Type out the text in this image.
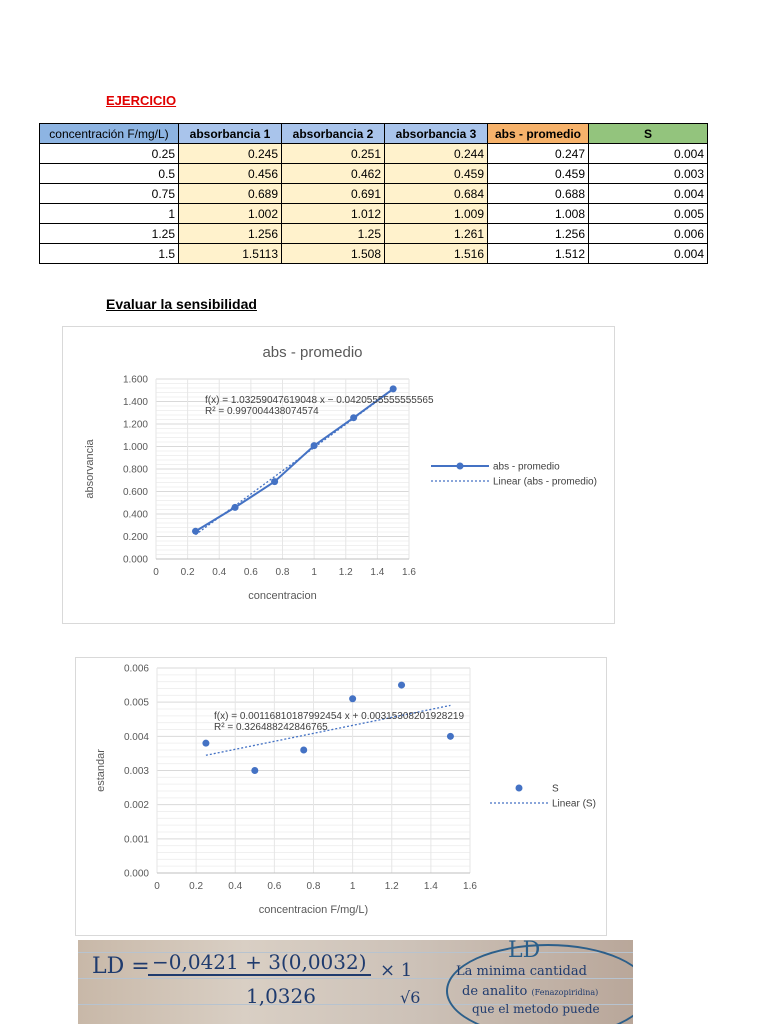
EJERCICIO
concentración F/mg/L)	absorbancia 1	absorbancia 2	absorbancia 3	abs - promedio	S
0.25	0.245	0.251	0.244	0.247	0.004
0.5	0.456	0.462	0.459	0.459	0.003
0.75	0.689	0.691	0.684	0.688	0.004
1	1.002	1.012	1.009	1.008	0.005
1.25	1.256	1.25	1.261	1.256	0.006
1.5	1.5113	1.508	1.516	1.512	0.004
Evaluar la sensibilidad
0 0.2 0.4 0.6 0.8 1 1.2 1.4 1.6
0.000
0.200
0.400
0.600
0.800
1.000
1.200
1.400
1.600
concentracion
absorvancia
abs - promedio
f(x) = 1.03259047619048 x − 0.0420555555555565
R² = 0.997004438074574
abs - promedio
Linear (abs - promedio)
0	0.2	0.4	0.6	0.8	1	1.2	1.4	1.6
0.000
0.001
0.002
0.003
0.004
0.005
0.006
concentracion F/mg/L)
estandar
f(x) = 0.00116810187992454 x + 0.00315308201928219
R² = 0.326488242846765
S
Linear (S)
LD = −0,0421 + 3(0,0032)
1,0326
× 1
√6
LD
La minima cantidad
de analito (Fenazopiridina)
que el metodo puede
